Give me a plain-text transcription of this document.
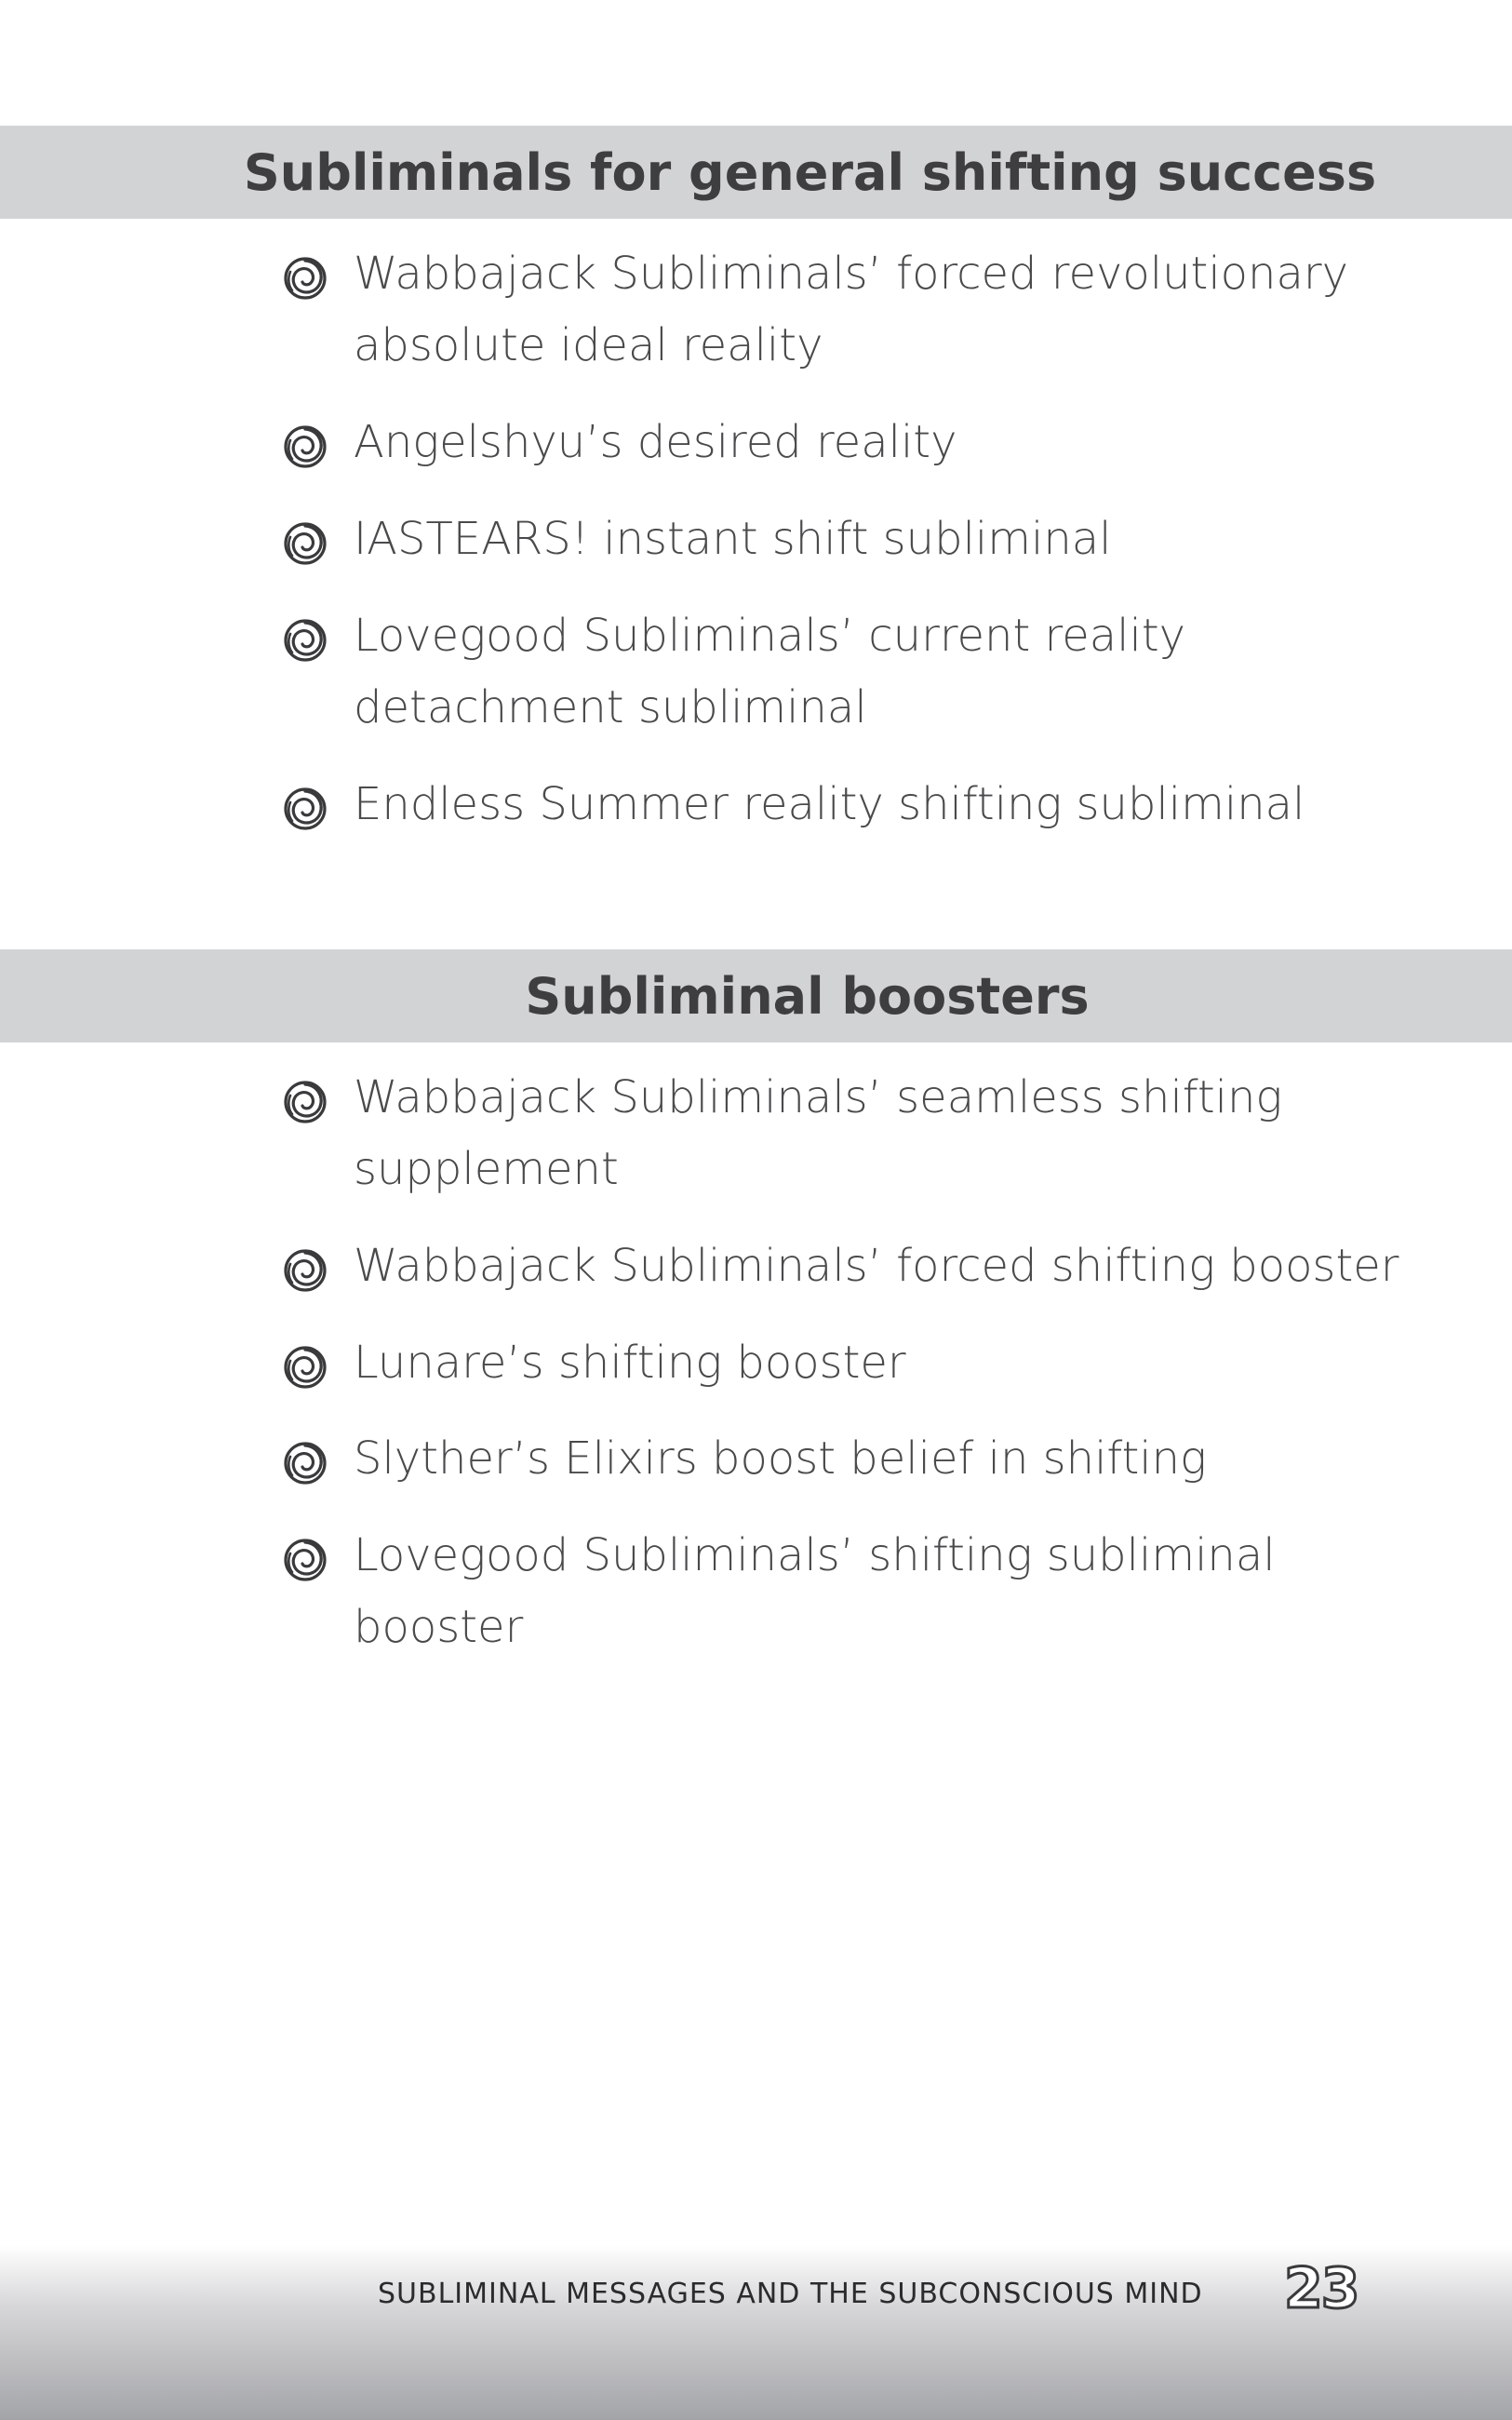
Subliminals for general shifting success
Wabbajack Subliminals’ forced revolutionary
absolute ideal reality
Angelshyu’s desired reality
IASTEARS! instant shift subliminal
Lovegood Subliminals’ current reality
detachment subliminal
Endless Summer reality shifting subliminal
Subliminal boosters
Wabbajack Subliminals’ seamless shifting
supplement
Wabbajack Subliminals’ forced shifting booster
Lunare’s shifting booster
Slyther’s Elixirs boost belief in shifting
Lovegood Subliminals’ shifting subliminal
booster
SUBLIMINAL MESSAGES AND THE SUBCONSCIOUS MIND 23
